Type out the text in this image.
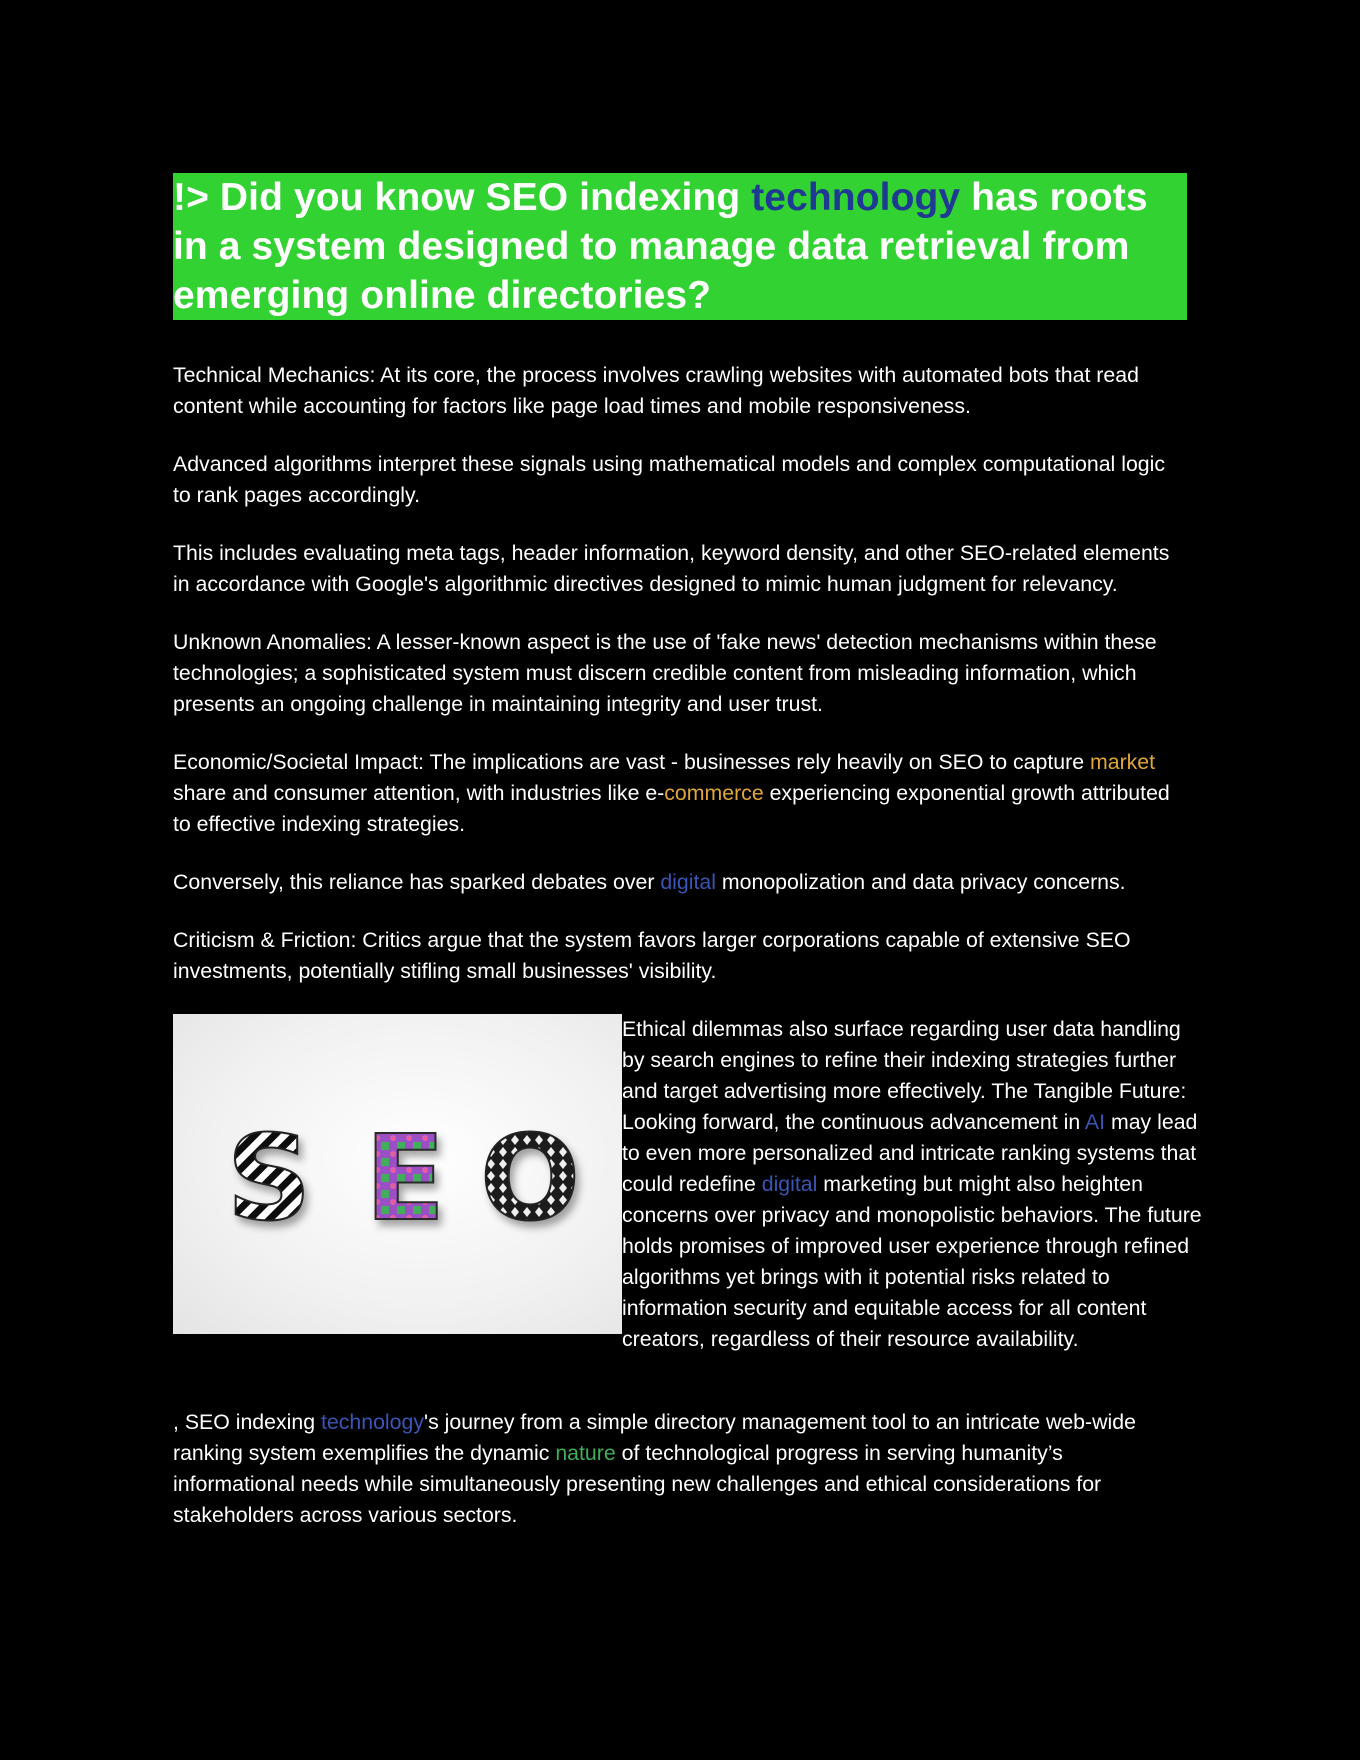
!> Did you know SEO indexing technology has roots in a system designed to manage data retrieval from emerging online directories?

Technical Mechanics: At its core, the process involves crawling websites with automated bots that read content while accounting for factors like page load times and mobile responsiveness.

Advanced algorithms interpret these signals using mathematical models and complex computational logic to rank pages accordingly.

This includes evaluating meta tags, header information, keyword density, and other SEO-related elements in accordance with Google's algorithmic directives designed to mimic human judgment for relevancy.

Unknown Anomalies: A lesser-known aspect is the use of 'fake news' detection mechanisms within these technologies; a sophisticated system must discern credible content from misleading information, which presents an ongoing challenge in maintaining integrity and user trust.

Economic/Societal Impact: The implications are vast - businesses rely heavily on SEO to capture market share and consumer attention, with industries like e-commerce experiencing exponential growth attributed to effective indexing strategies.

Conversely, this reliance has sparked debates over digital monopolization and data privacy concerns.

Criticism & Friction: Critics argue that the system favors larger corporations capable of extensive SEO investments, potentially stifling small businesses' visibility.

S E O

Ethical dilemmas also surface regarding user data handling by search engines to refine their indexing strategies further and target advertising more effectively. The Tangible Future: Looking forward, the continuous advancement in AI may lead to even more personalized and intricate ranking systems that could redefine digital marketing but might also heighten concerns over privacy and monopolistic behaviors. The future holds promises of improved user experience through refined algorithms yet brings with it potential risks related to information security and equitable access for all content creators, regardless of their resource availability.

, SEO indexing technology's journey from a simple directory management tool to an intricate web-wide ranking system exemplifies the dynamic nature of technological progress in serving humanity’s informational needs while simultaneously presenting new challenges and ethical considerations for stakeholders across various sectors.
